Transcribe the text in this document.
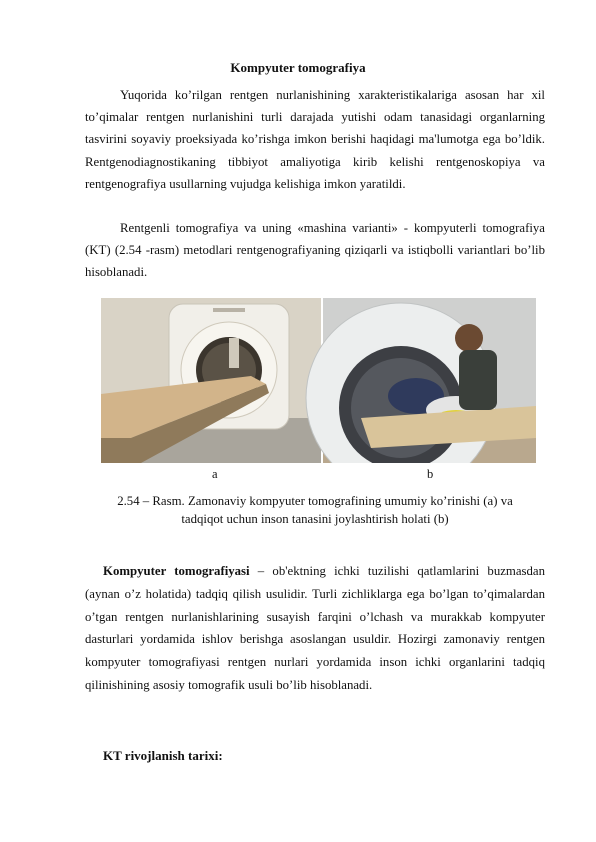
Kompyuter tomografiya

Yuqorida ko’rilgan rentgen nurlanishining xarakteristikalariga asosan har xil to’qimalar rentgen nurlanishini turli darajada yutishi odam tanasidagi organlarning tasvirini soyaviy proeksiyada ko’rishga imkon berishi haqidagi ma'lumotga ega bo’ldik. Rentgenodiagnostikaning tibbiyot amaliyotiga kirib kelishi rentgenoskopiya va rentgenografiya usullarning vujudga kelishiga imkon yaratildi.

Rentgenli tomografiya va uning «mashina varianti» - kompyuterli tomografiya (KT) (2.54 -rasm) metodlari rentgenografiyaning qiziqarli va istiqbolli variantlari bo’lib hisoblanadi.

a	b
2.54 – Rasm. Zamonaviy kompyuter tomografining umumiy ko’rinishi (a) va
tadqiqot uchun inson tanasini joylashtirish holati (b)

Kompyuter tomografiyasi – ob'ektning ichki tuzilishi qatlamlarini buzmasdan (aynan o’z holatida) tadqiq qilish usulidir. Turli zichliklarga ega bo’lgan to’qimalardan o’tgan rentgen nurlanishlarining susayish farqini o’lchash va murakkab kompyuter dasturlari yordamida ishlov berishga asoslangan usuldir. Hozirgi zamonaviy rentgen kompyuter tomografiyasi rentgen nurlari yordamida inson ichki organlarini tadqiq qilinishining asosiy tomografik usuli bo’lib hisoblanadi.

KT rivojlanish tarixi:
